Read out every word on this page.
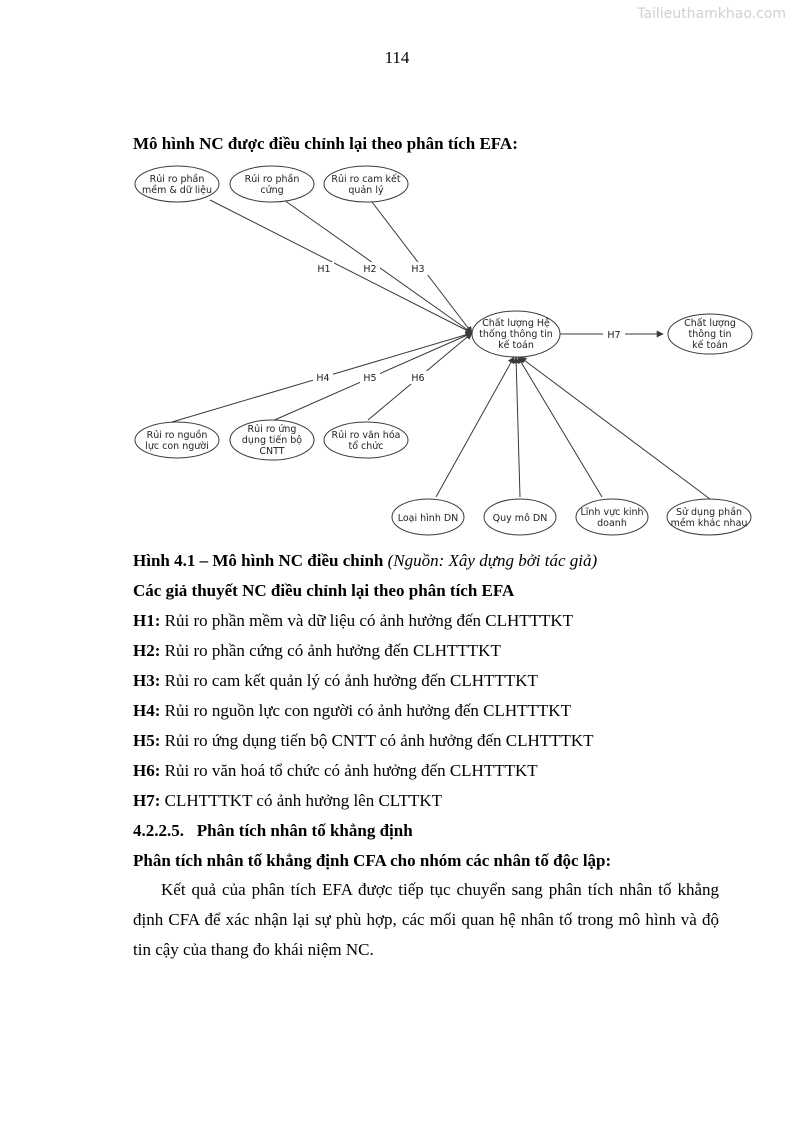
Tailieuthamkhao.com
114
Mô hình NC được điều chỉnh lại theo phân tích EFA:
H1	H2	H3
H4	H5	H6
H7
Rủi ro phần
mềm & dữ liệu
Rủi ro phần
cứng
Rủi ro cam kết
quản lý
Rủi ro nguồn
lực con người
Rủi ro ứng
dụng tiến bộ
CNTT
Rủi ro văn hóa
tổ chức
Chất lượng Hệ
thống thông tin
kế toán
Chất lượng
thông tin
kế toán
Loại hình DN	Quy mô DN
Lĩnh vực kinh
doanh
Sử dụng phần
mềm khác nhau
Hình 4.1 – Mô hình NC điều chỉnh (Nguồn: Xây dựng bởi tác giả)
Các giả thuyết NC điều chỉnh lại theo phân tích EFA
H1: Rủi ro phần mềm và dữ liệu có ảnh hưởng đến CLHTTTKT
H2: Rủi ro phần cứng có ảnh hưởng đến CLHTTTKT
H3: Rủi ro cam kết quản lý có ảnh hưởng đến CLHTTTKT
H4: Rủi ro nguồn lực con người có ảnh hưởng đến CLHTTTKT
H5: Rủi ro ứng dụng tiến bộ CNTT có ảnh hưởng đến CLHTTTKT
H6: Rủi ro văn hoá tổ chức có ảnh hưởng đến CLHTTTKT
H7: CLHTTTKT có ảnh hưởng lên CLTTKT
4.2.2.5.   Phân tích nhân tố khẳng định
Phân tích nhân tố khẳng định CFA cho nhóm các nhân tố độc lập:

Kết quả của phân tích EFA được tiếp tục chuyển sang phân tích nhân tố khẳng định CFA để xác nhận lại sự phù hợp, các mối quan hệ nhân tố trong mô hình và độ tin cậy của thang đo khái niệm NC.
